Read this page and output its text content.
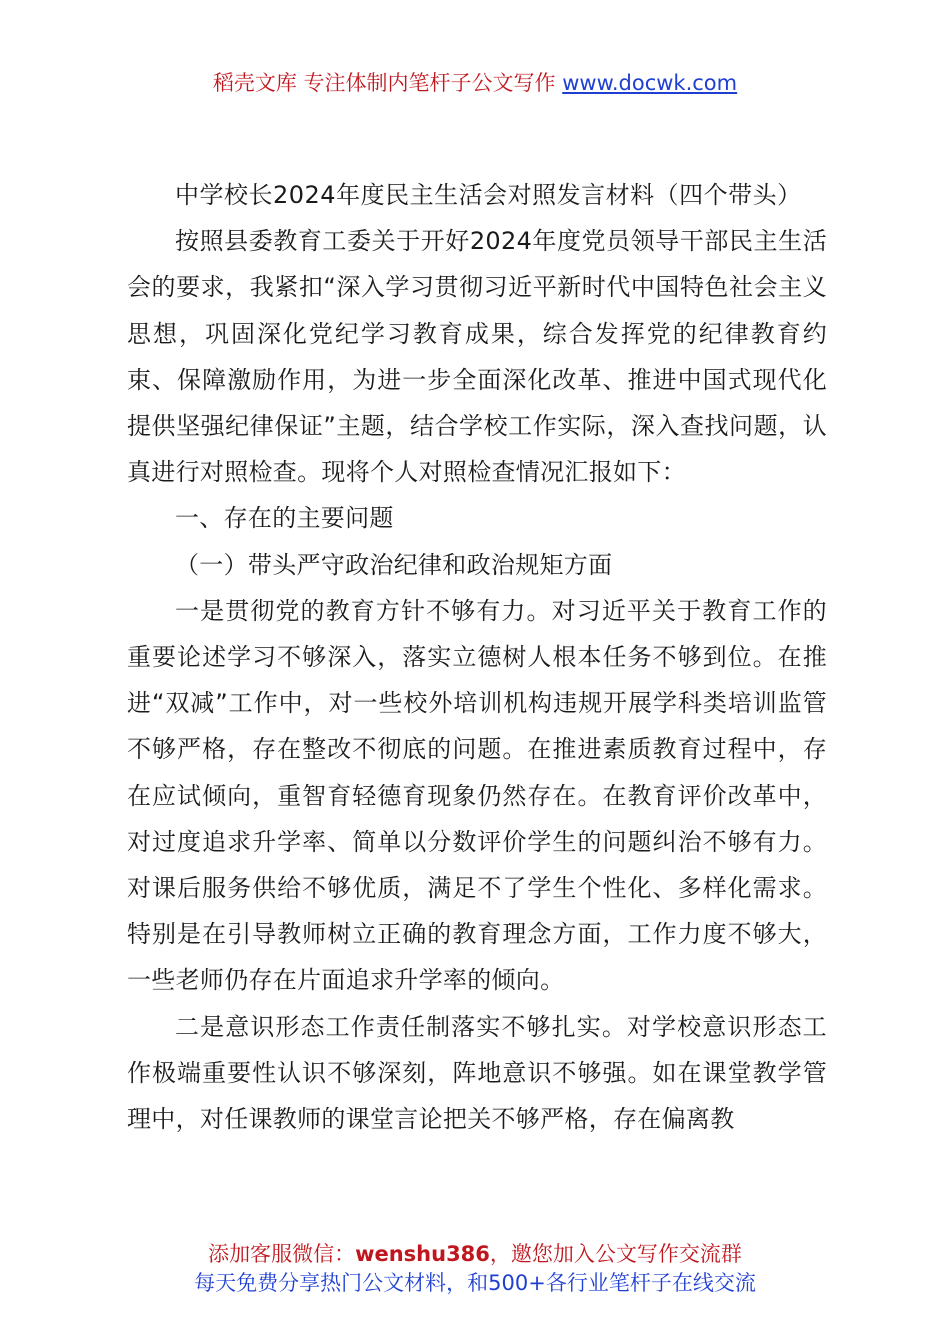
稻壳文库 专注体制内笔杆子公文写作 www.docwk.com

中学校长2024年度民主生活会对照发言材料（四个带头）

按照县委教育工委关于开好2024年度党员领导干部民主生活会的要求，我紧扣“深入学习贯彻习近平新时代中国特色社会主义思想，巩固深化党纪学习教育成果，综合发挥党的纪律教育约束、保障激励作用，为进一步全面深化改革、推进中国式现代化提供坚强纪律保证”主题，结合学校工作实际，深入查找问题，认真进行对照检查。现将个人对照检查情况汇报如下：

一、存在的主要问题

（一）带头严守政治纪律和政治规矩方面

一是贯彻党的教育方针不够有力。对习近平关于教育工作的重要论述学习不够深入，落实立德树人根本任务不够到位。在推进“双减”工作中，对一些校外培训机构违规开展学科类培训监管不够严格，存在整改不彻底的问题。在推进素质教育过程中，存在应试倾向，重智育轻德育现象仍然存在。在教育评价改革中，对过度追求升学率、简单以分数评价学生的问题纠治不够有力。对课后服务供给不够优质，满足不了学生个性化、多样化需求。特别是在引导教师树立正确的教育理念方面，工作力度不够大，一些老师仍存在片面追求升学率的倾向。

二是意识形态工作责任制落实不够扎实。对学校意识形态工作极端重要性认识不够深刻，阵地意识不够强。如在课堂教学管理中，对任课教师的课堂言论把关不够严格，存在偏离教

添加客服微信：wenshu386，邀您加入公文写作交流群
每天免费分享热门公文材料，和500+各行业笔杆子在线交流
